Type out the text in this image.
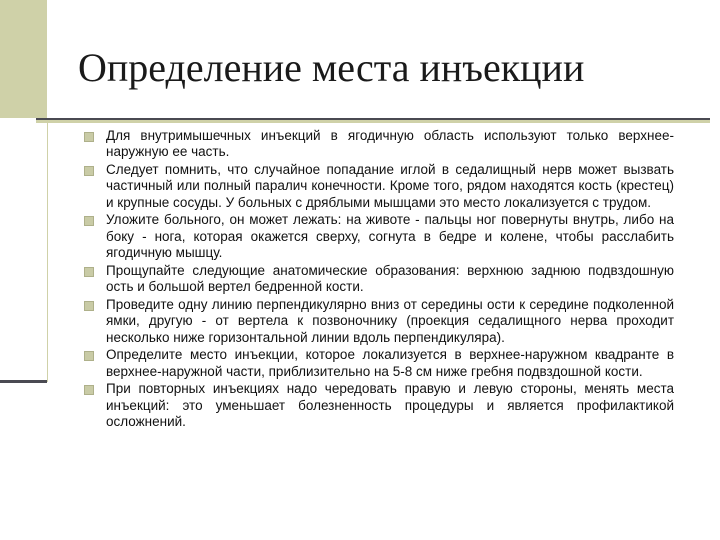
Определение места инъекции
Для внутримышечных инъекций в ягодичную область используют только верхнее-наружную ее часть.
Следует помнить, что случайное попадание иглой в седалищный нерв может вызвать частичный или полный паралич конечности. Кроме того, рядом находятся кость (крестец) и крупные сосуды. У больных с дряблыми мышцами это место локализуется с трудом.
Уложите больного, он может лежать: на животе - пальцы ног повернуты внутрь, либо на боку - нога, которая окажется сверху, согнута в бедре и колене, чтобы расслабить ягодичную мышцу.
Прощупайте следующие анатомические образования: верхнюю заднюю подвздошную ость и большой вертел бедренной кости.
Проведите одну линию перпендикулярно вниз от середины ости к середине подколенной ямки, другую - от вертела к позвоночнику (проекция седалищного нерва проходит несколько ниже горизонтальной линии вдоль перпендикуляра).
Определите место инъекции, которое локализуется в верхнее-наружном квадранте в верхнее-наружной части, приблизительно на 5-8 см ниже гребня подвздошной кости.
При повторных инъекциях надо чередовать правую и левую стороны, менять места инъекций: это уменьшает болезненность процедуры и является профилактикой осложнений.
